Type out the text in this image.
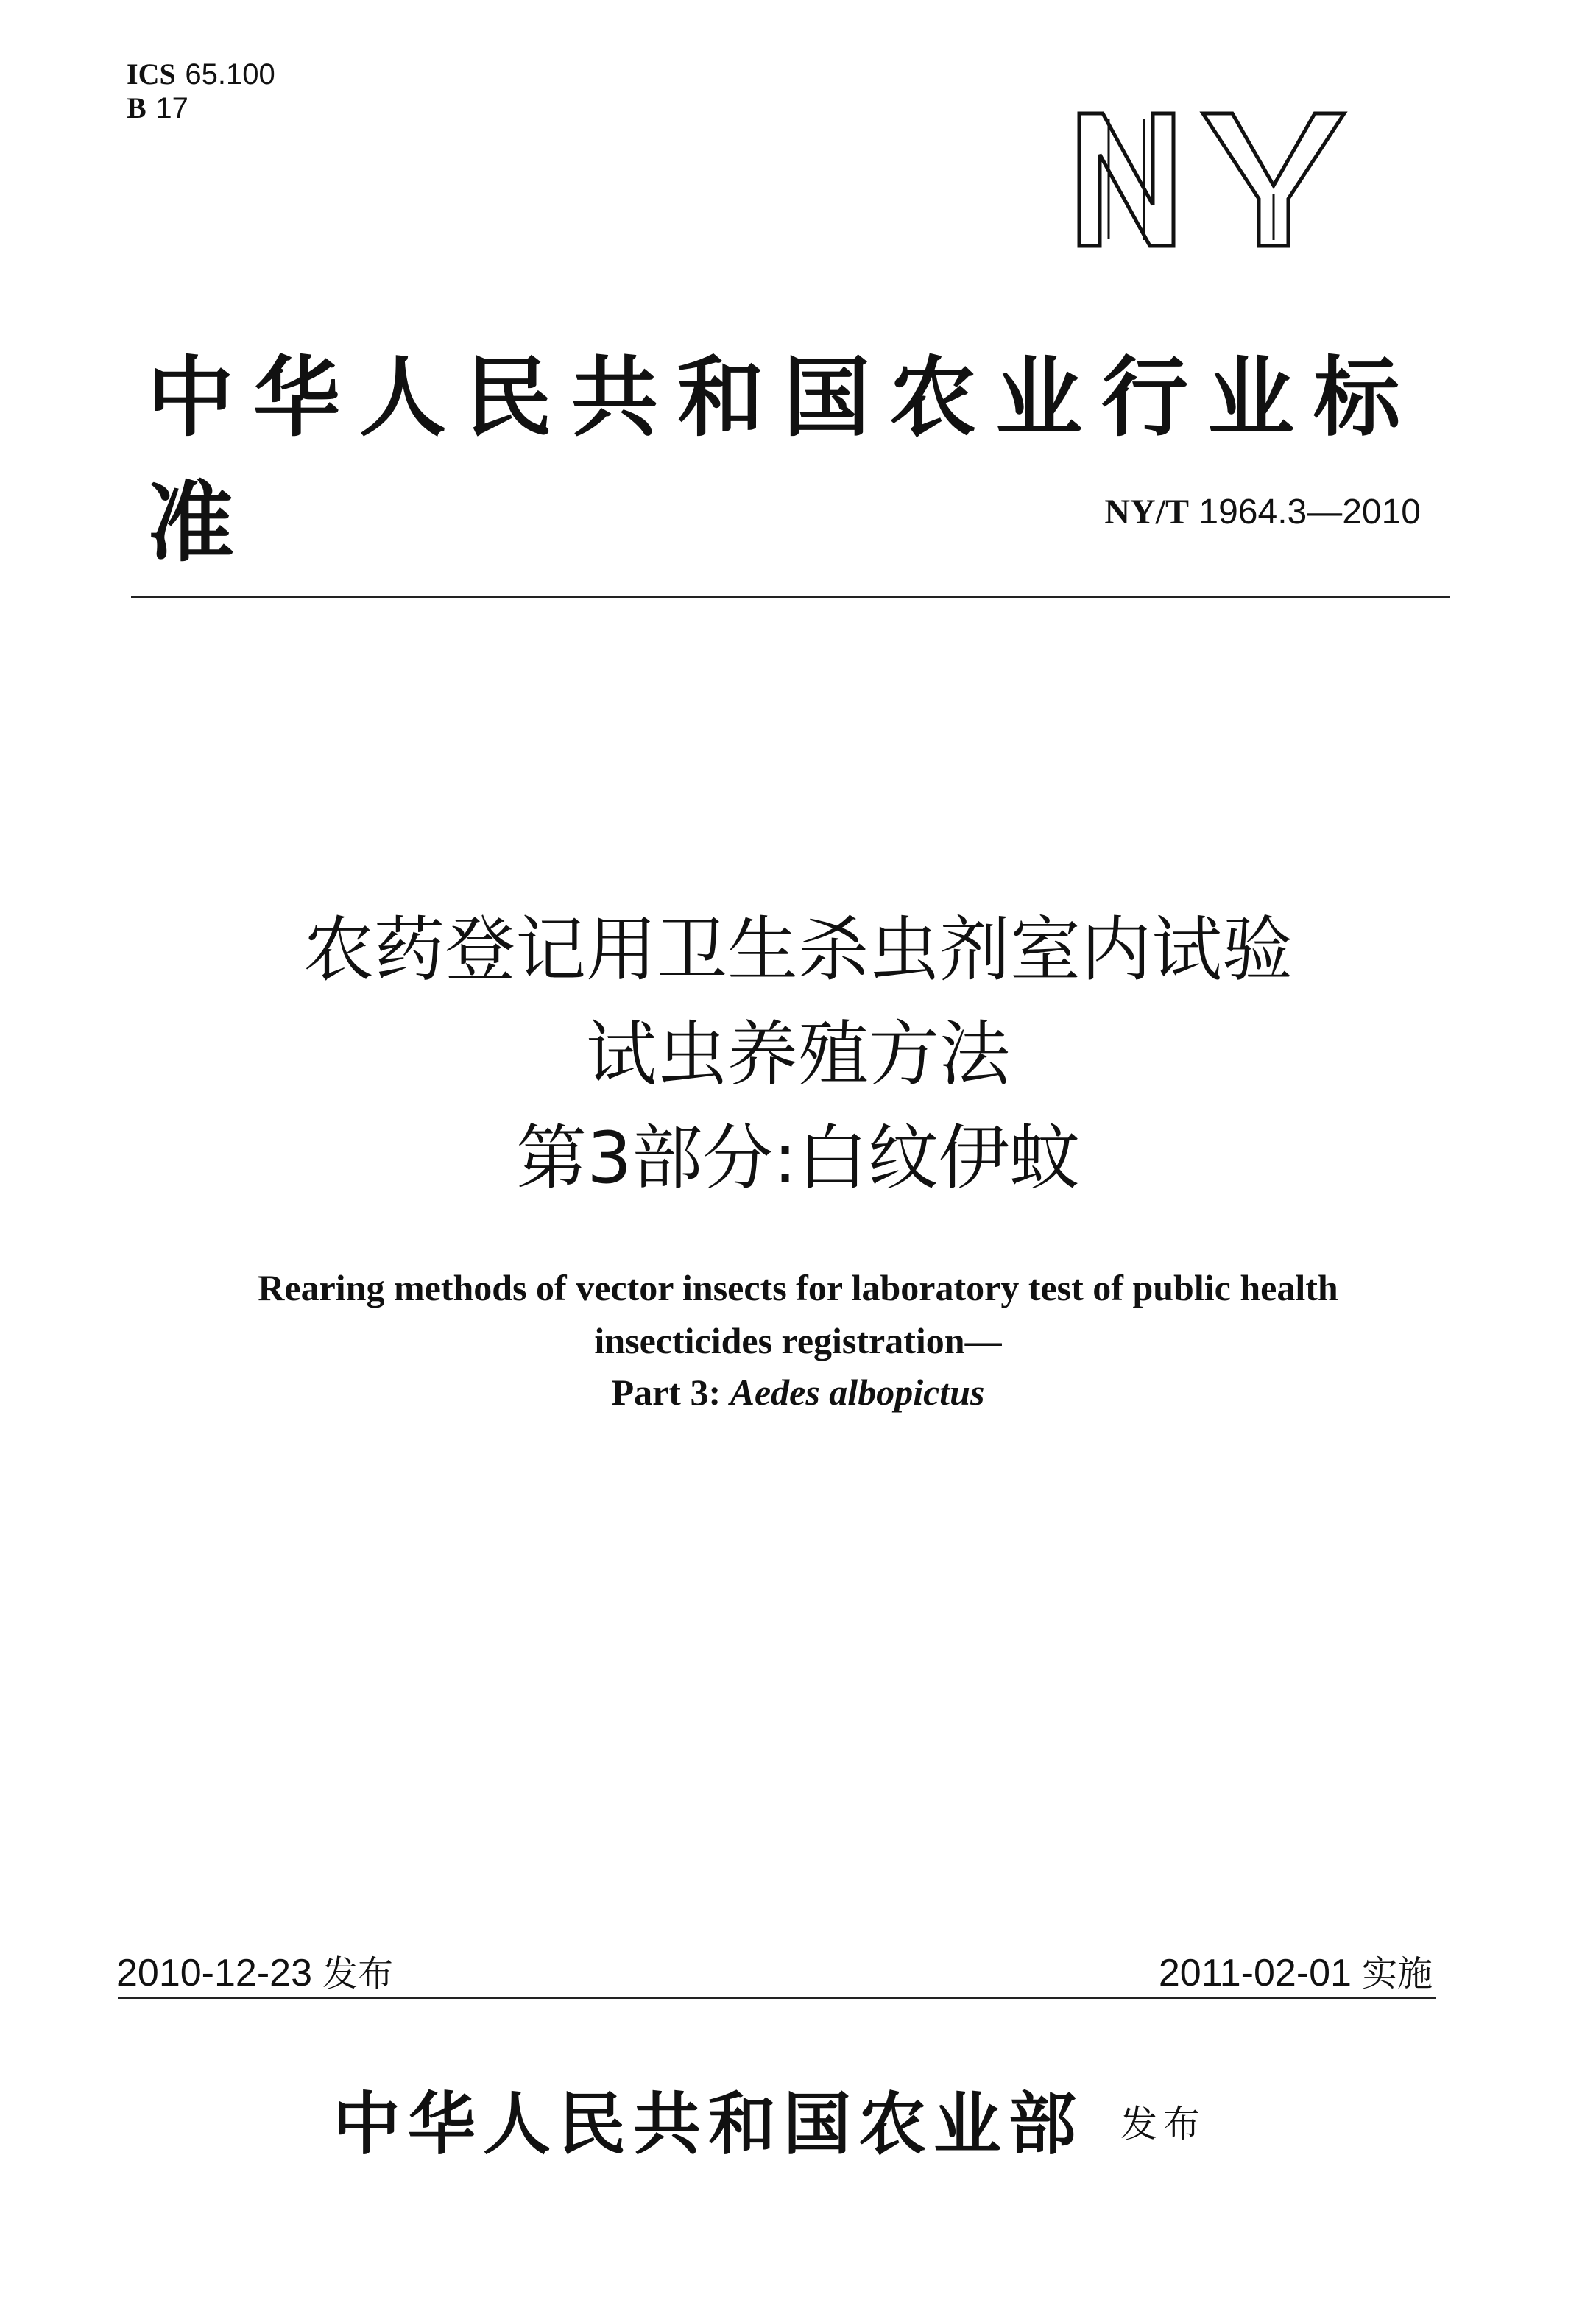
ICS 65.100
B 17	NY
中华人民共和国农业行业标准	NY/T 1964.3—2010
农药登记用卫生杀虫剂室内试验
试虫养殖方法
第3部分:白纹伊蚊
Rearing methods of vector insects for laboratory test of public health
insecticides registration—
Part 3: Aedes albopictus
2010-12-23 发布	2011-02-01 实施
中华人民共和国农业部 发布
